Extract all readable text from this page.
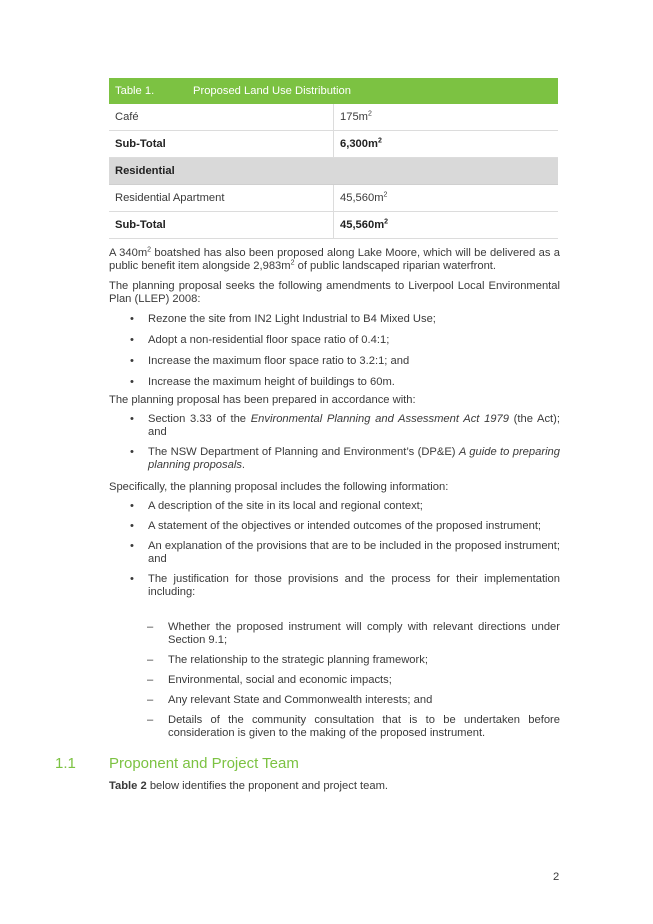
Table 1. Proposed Land Use Distribution	
Café	$175m^2$
Sub-Total	$6,300m^2$
Residential	
Residential Apartment	$45,560m^2$
Sub-Total	$45,560m^2$

A $340m^2$ boatshed has also been proposed along Lake Moore, which will be delivered as a public benefit item alongside $2,983m^2$ of public landscaped riparian waterfront.

The planning proposal seeks the following amendments to Liverpool Local Environmental Plan (LLEP) 2008:

• Rezone the site from IN2 Light Industrial to B4 Mixed Use;
• Adopt a non-residential floor space ratio of 0.4:1;
• Increase the maximum floor space ratio to 3.2:1; and
• Increase the maximum height of buildings to 60m.

The planning proposal has been prepared in accordance with:

• Section 3.33 of the Environmental Planning and Assessment Act 1979 (the Act); and
• The NSW Department of Planning and Environment’s (DP&E) A guide to preparing planning proposals.

Specifically, the planning proposal includes the following information:

• A description of the site in its local and regional context;
• A statement of the objectives or intended outcomes of the proposed instrument;
• An explanation of the provisions that are to be included in the proposed instrument; and
• The justification for those provisions and the process for their implementation including:
– Whether the proposed instrument will comply with relevant directions under Section 9.1;
– The relationship to the strategic planning framework;
– Environmental, social and economic impacts;
– Any relevant State and Commonwealth interests; and
– Details of the community consultation that is to be undertaken before consideration is given to the making of the proposed instrument.
1.1 Proponent and Project Team
Table 2 below identifies the proponent and project team.
2
